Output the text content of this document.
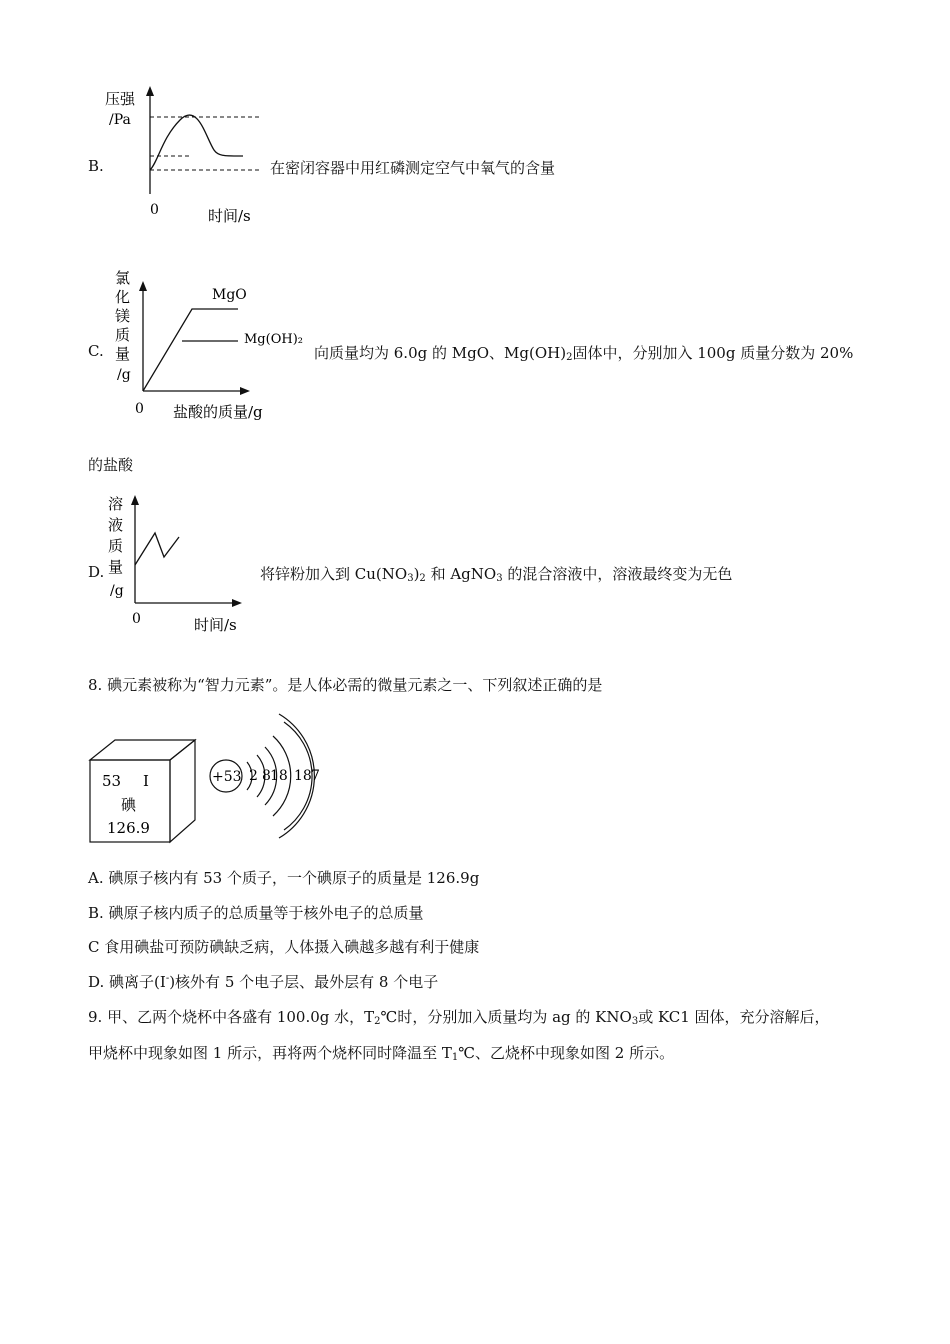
B.
压强
/Pa
0	时间/s
在密闭容器中用红磷测定空气中氧气的含量
C.
氯
化
镁
质
量
/g
MgO
Mg(OH)₂
0 盐酸的质量/g
向质量均为 6.0g 的 MgO、$Mg(OH)_2$固体中，分别加入 100g 质量分数为 20%
的盐酸
D.
溶
液
质
量
/g
0	时间/s
将锌粉加入到 $Cu(NO_3)_2$ 和 AgNO$_3$ 的混合溶液中，溶液最终变为无色
8. 碘元素被称为“智力元素”。是人体必需的微量元素之一、下列叙述正确的是
53 I
碘
126.9
+53 2 8 18 18 7
A. 碘原子核内有 53 个质子，一个碘原子的质量是 126.9g
B. 碘原子核内质子的总质量等于核外电子的总质量
C 食用碘盐可预防碘缺乏病，人体摄入碘越多越有利于健康
D. 碘离子(I-)核外有 5 个电子层、最外层有 8 个电子
9. 甲、乙两个烧杯中各盛有 100.0g 水，$T_2℃$时，分别加入质量均为 ag 的 $KNO_3$或 KC1 固体，充分溶解后，
甲烧杯中现象如图 1 所示，再将两个烧杯同时降温至 $T_1℃$、乙烧杯中现象如图 2 所示。
